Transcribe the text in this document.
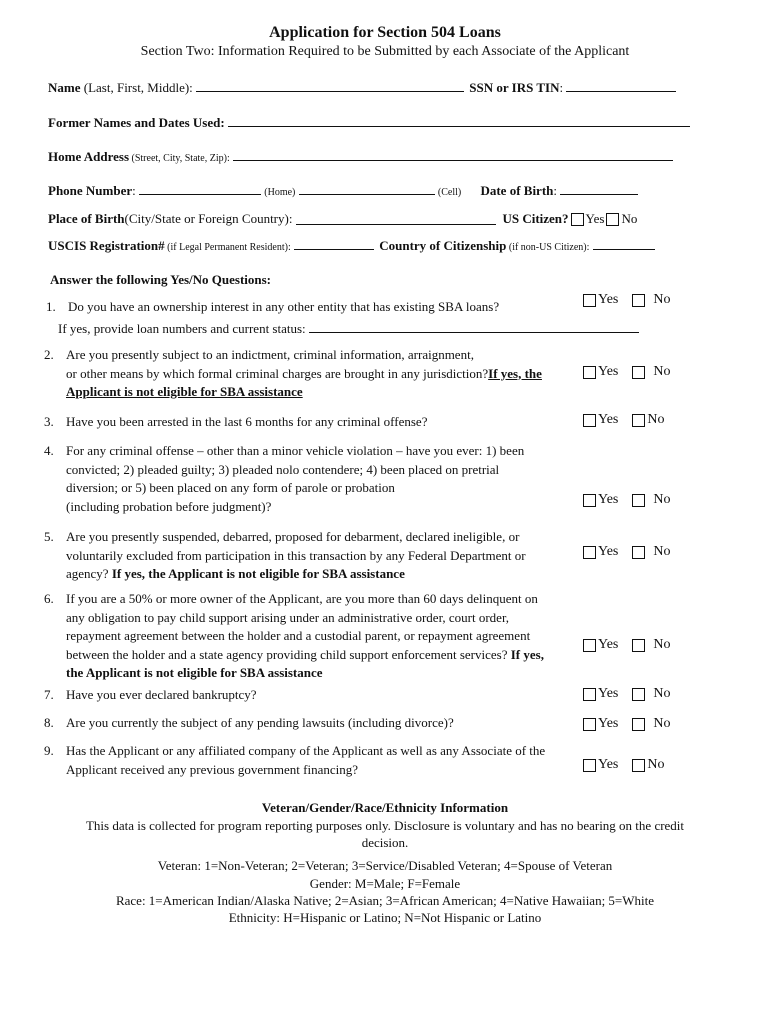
Application for Section 504 Loans
Section Two: Information Required to be Submitted by each Associate of the Applicant
Name (Last, First, Middle):	SSN or IRS TIN:
Former Names and Dates Used:
Home Address (Street, City, State, Zip):
Phone Number:	(Home)	(Cell) Date of Birth:
Place of Birth (City/State or Foreign Country):	US Citizen? Yes No
USCIS Registration# (if Legal Permanent Resident):	Country of Citizenship (if non-US Citizen):
Answer the following Yes/No Questions:
1. Do you have an ownership interest in any other entity that has existing SBA loans?	Yes	No
If yes, provide loan numbers and current status:
2. Are you presently subject to an indictment, criminal information, arraignment,
or other means by which formal criminal charges are brought in any jurisdiction?If yes, the
Applicant is not eligible for SBA assistance
Yes	No
3. Have you been arrested in the last 6 months for any criminal offense?	Yes No
4. For any criminal offense – other than a minor vehicle violation – have you ever: 1) been
convicted; 2) pleaded guilty; 3) pleaded nolo contendere; 4) been placed on pretrial
diversion; or 5) been placed on any form of parole or probation
(including probation before judgment)?	Yes	No
5. Are you presently suspended, debarred, proposed for debarment, declared ineligible, or
voluntarily excluded from participation in this transaction by any Federal Department or
agency? If yes, the Applicant is not eligible for SBA assistance
Yes	No
6. If you are a 50% or more owner of the Applicant, are you more than 60 days delinquent on
any obligation to pay child support arising under an administrative order, court order,
repayment agreement between the holder and a custodial parent, or repayment agreement
between the holder and a state agency providing child support enforcement services? If yes,
the Applicant is not eligible for SBA assistance
Yes	No
7. Have you ever declared bankruptcy?	Yes	No
8. Are you currently the subject of any pending lawsuits (including divorce)?	Yes	No
9. Has the Applicant or any affiliated company of the Applicant as well as any Associate of the
Applicant received any previous government financing?	Yes No
Veteran/Gender/Race/Ethnicity Information
This data is collected for program reporting purposes only. Disclosure is voluntary and has no bearing on the credit
decision.
Veteran: 1=Non-Veteran; 2=Veteran; 3=Service/Disabled Veteran; 4=Spouse of Veteran
Gender: M=Male; F=Female
Race: 1=American Indian/Alaska Native; 2=Asian; 3=African American; 4=Native Hawaiian; 5=White
Ethnicity: H=Hispanic or Latino; N=Not Hispanic or Latino
